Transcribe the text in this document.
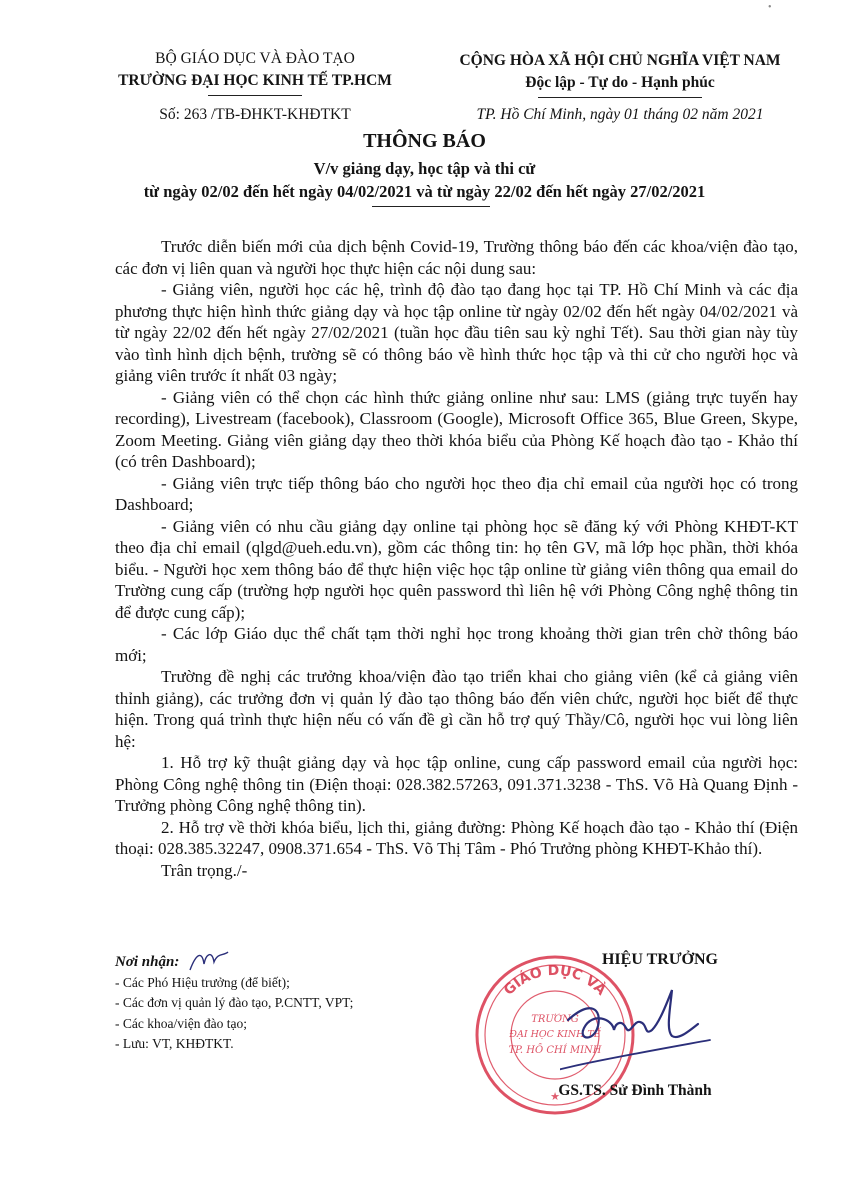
•
BỘ GIÁO DỤC VÀ ĐÀO TẠO
TRƯỜNG ĐẠI HỌC KINH TẾ TP.HCM
Số: 263 /TB-ĐHKT-KHĐTKT
CỘNG HÒA XÃ HỘI CHỦ NGHĨA VIỆT NAM
Độc lập - Tự do - Hạnh phúc
TP. Hồ Chí Minh, ngày 01 tháng 02 năm 2021
THÔNG BÁO
V/v giảng dạy, học tập và thi cử
từ ngày 02/02 đến hết ngày 04/02/2021 và từ ngày 22/02 đến hết ngày 27/02/2021

Trước diễn biến mới của dịch bệnh Covid-19, Trường thông báo đến các khoa/viện đào tạo, các đơn vị liên quan và người học thực hiện các nội dung sau:

- Giảng viên, người học các hệ, trình độ đào tạo đang học tại TP. Hồ Chí Minh và các địa phương thực hiện hình thức giảng dạy và học tập online từ ngày 02/02 đến hết ngày 04/02/2021 và từ ngày 22/02 đến hết ngày 27/02/2021 (tuần học đầu tiên sau kỳ nghỉ Tết). Sau thời gian này tùy vào tình hình dịch bệnh, trường sẽ có thông báo về hình thức học tập và thi cử cho người học và giảng viên trước ít nhất 03 ngày;

- Giảng viên có thể chọn các hình thức giảng online như sau: LMS (giảng trực tuyến hay recording), Livestream (facebook), Classroom (Google), Microsoft Office 365, Blue Green, Skype, Zoom Meeting. Giảng viên giảng dạy theo thời khóa biểu của Phòng Kế hoạch đào tạo - Khảo thí (có trên Dashboard);

- Giảng viên trực tiếp thông báo cho người học theo địa chỉ email của người học có trong Dashboard;

- Giảng viên có nhu cầu giảng dạy online tại phòng học sẽ đăng ký với Phòng KHĐT-KT theo địa chỉ email (qlgd@ueh.edu.vn), gồm các thông tin: họ tên GV, mã lớp học phần, thời khóa biểu. - Người học xem thông báo để thực hiện việc học tập online từ giảng viên thông qua email do Trường cung cấp (trường hợp người học quên password thì liên hệ với Phòng Công nghệ thông tin để được cung cấp);

- Các lớp Giáo dục thể chất tạm thời nghỉ học trong khoảng thời gian trên chờ thông báo mới;

Trường đề nghị các trưởng khoa/viện đào tạo triển khai cho giảng viên (kể cả giảng viên thỉnh giảng), các trưởng đơn vị quản lý đào tạo thông báo đến viên chức, người học biết để thực hiện. Trong quá trình thực hiện nếu có vấn đề gì cần hỗ trợ quý Thầy/Cô, người học vui lòng liên hệ:

1. Hỗ trợ kỹ thuật giảng dạy và học tập online, cung cấp password email của người học: Phòng Công nghệ thông tin (Điện thoại: 028.382.57263, 091.371.3238 - ThS. Võ Hà Quang Định - Trưởng phòng Công nghệ thông tin).

2. Hỗ trợ về thời khóa biểu, lịch thi, giảng đường: Phòng Kế hoạch đào tạo - Khảo thí (Điện thoại: 028.385.32247, 0908.371.654 - ThS. Võ Thị Tâm - Phó Trưởng phòng KHĐT-Khảo thí).

Trân trọng./-

Nơi nhận:
- Các Phó Hiệu trưởng (để biết);
- Các đơn vị quản lý đào tạo, P.CNTT, VPT;
- Các khoa/viện đào tạo;
- Lưu: VT, KHĐTKT.
HIỆU TRƯỞNG
GIÁO DỤC VÀ
TRƯỜNG
ĐẠI HỌC KINH TẾ
TP. HỒ CHÍ MINH
★
GS.TS. Sử Đình Thành
